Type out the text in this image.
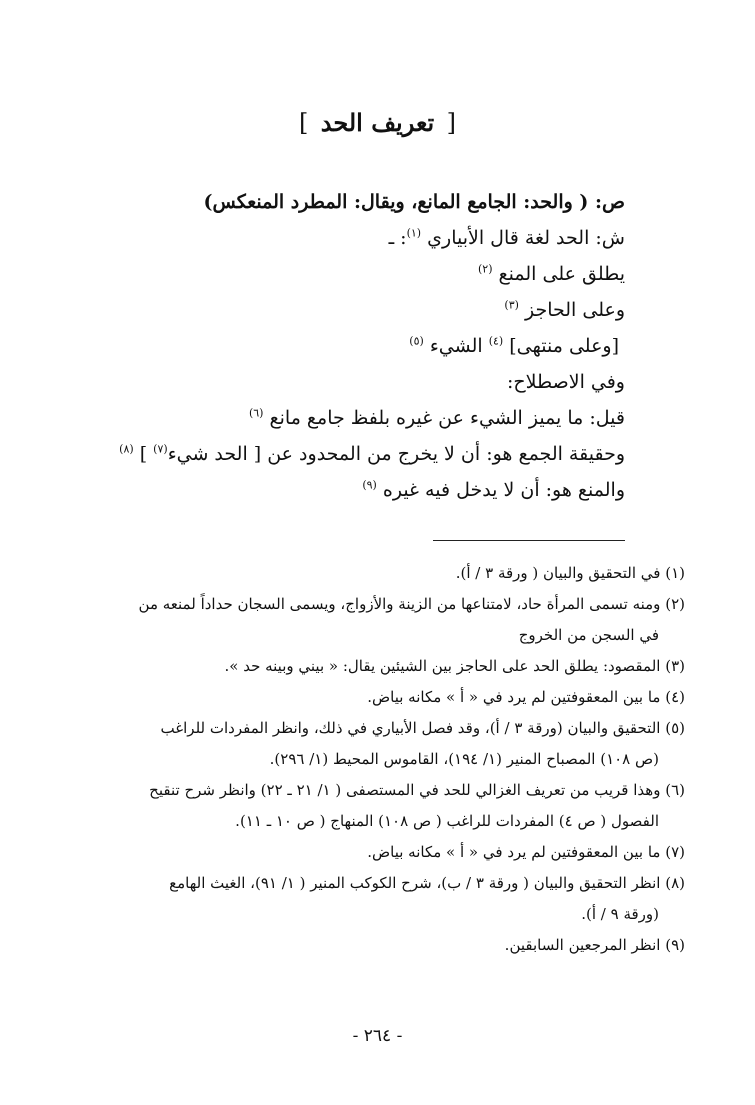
[ تعريف الحد ]
ص: ( والحد: الجامع المانع، ويقال: المطرد المنعكس)
ش: الحد لغة قال الأبياري $^{(١)}$: ـ
يطلق على المنع $^{(٢)}$
وعلى الحاجز $^{(٣)}$
[وعلى منتهى] $^{(٤)}$ الشيء $^{(٥)}$
وفي الاصطلاح:
قيل: ما يميز الشيء عن غيره بلفظ جامع مانع $^{(٦)}$
وحقيقة الجمع هو: أن لا يخرج من المحدود عن [ الحد شيء$^{(٧)}$ ] $^{(٨)}$
والمنع هو: أن لا يدخل فيه غيره $^{(٩)}$
(١) في التحقيق والبيان ( ورقة ٣ / أ).
(٢) ومنه تسمى المرأة حاد، لامتناعها من الزينة والأزواج، ويسمى السجان حداداً لمنعه من
في السجن من الخروج
(٣) المقصود: يطلق الحد على الحاجز بين الشيئين يقال: « بيني وبينه حد ».
(٤) ما بين المعقوفتين لم يرد في « أ » مكانه بياض.
(٥) التحقيق والبيان (ورقة ٣ / أ)، وقد فصل الأبياري في ذلك، وانظر المفردات للراغب
(ص ١٠٨) المصباح المنير (١/ ١٩٤)، القاموس المحيط (١/ ٢٩٦).
(٦) وهذا قريب من تعريف الغزالي للحد في المستصفى ( ١/ ٢١ ـ ٢٢) وانظر شرح تنقيح
الفصول ( ص ٤) المفردات للراغب ( ص ١٠٨) المنهاج ( ص ١٠ ـ ١١).
(٧) ما بين المعقوفتين لم يرد في « أ » مكانه بياض.
(٨) انظر التحقيق والبيان ( ورقة ٣ / ب)، شرح الكوكب المنير ( ١/ ٩١)، الغيث الهامع
(ورقة ٩ / أ).
(٩) انظر المرجعين السابقين.
- ٢٦٤ -
